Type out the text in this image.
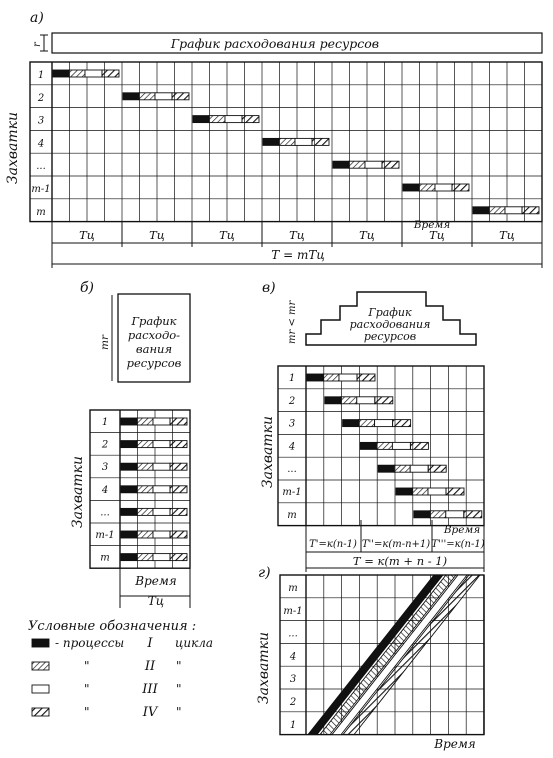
а)
r	График расходования ресурсов
Захватки
1
2
3
4
...
m-1
m
Tц	Tц	Tц	Tц	Tц	Tц	Tц
T = mTц
Время
б)
mr
График
расходо-
вания
ресурсов
Захватки
1
2
3
4
...
m-1
m
Время
Tц
в)
mr < mr	График
расходования
ресурсов
Захватки
1
2
3
4
...
m-1
m
T'=к(n-1) T''=к(m-n+1) T'''=к(n-1)
Время
T = к(m + n - 1)
г)
Захватки
m
m-1
...
4
3
2
1
Время
Условные обозначения :
- процессы I цикла
"	II "
"	III "
"	IV "
